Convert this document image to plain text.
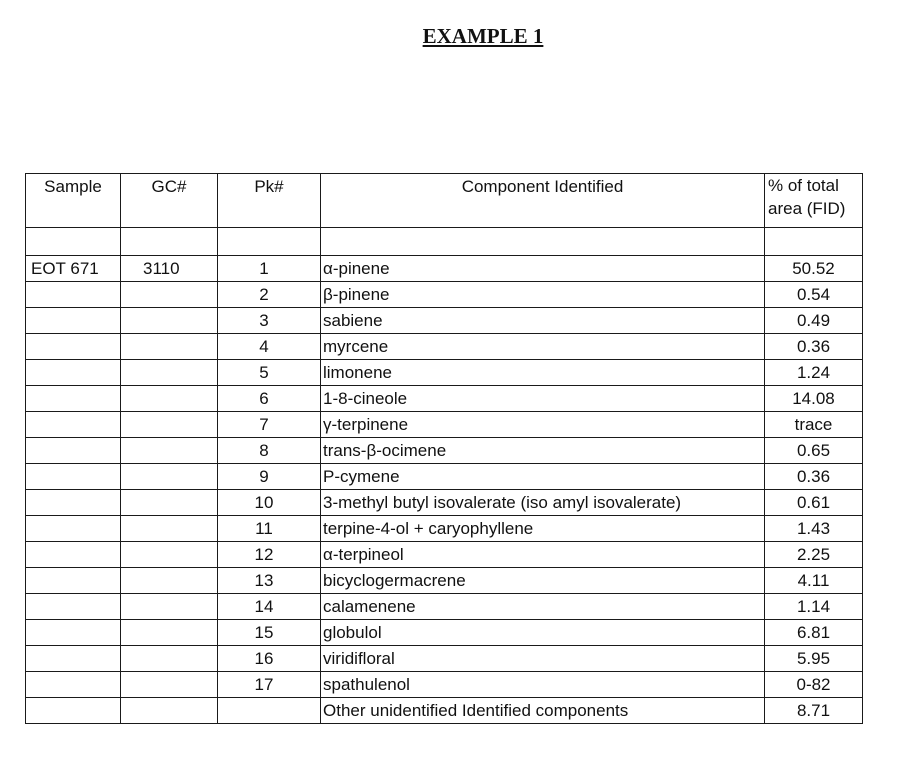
EXAMPLE 1
Sample	GC#	Pk#	Component Identified	% of total
area (FID)

EOT 671	3110	1	α-pinene	50.52
		2	β-pinene	0.54
		3	sabiene	0.49
		4	myrcene	0.36
		5	limonene	1.24
		6	1-8-cineole	14.08
		7	γ-terpinene	trace
		8	trans-β-ocimene	0.65
		9	P-cymene	0.36
		10	3-methyl butyl isovalerate (iso amyl isovalerate)	0.61
		11	terpine-4-ol + caryophyllene	1.43
		12	α-terpineol	2.25
		13	bicyclogermacrene	4.11
		14	calamenene	1.14
		15	globulol	6.81
		16	viridifloral	5.95
		17	spathulenol	0-82
			Other unidentified Identified components	8.71
